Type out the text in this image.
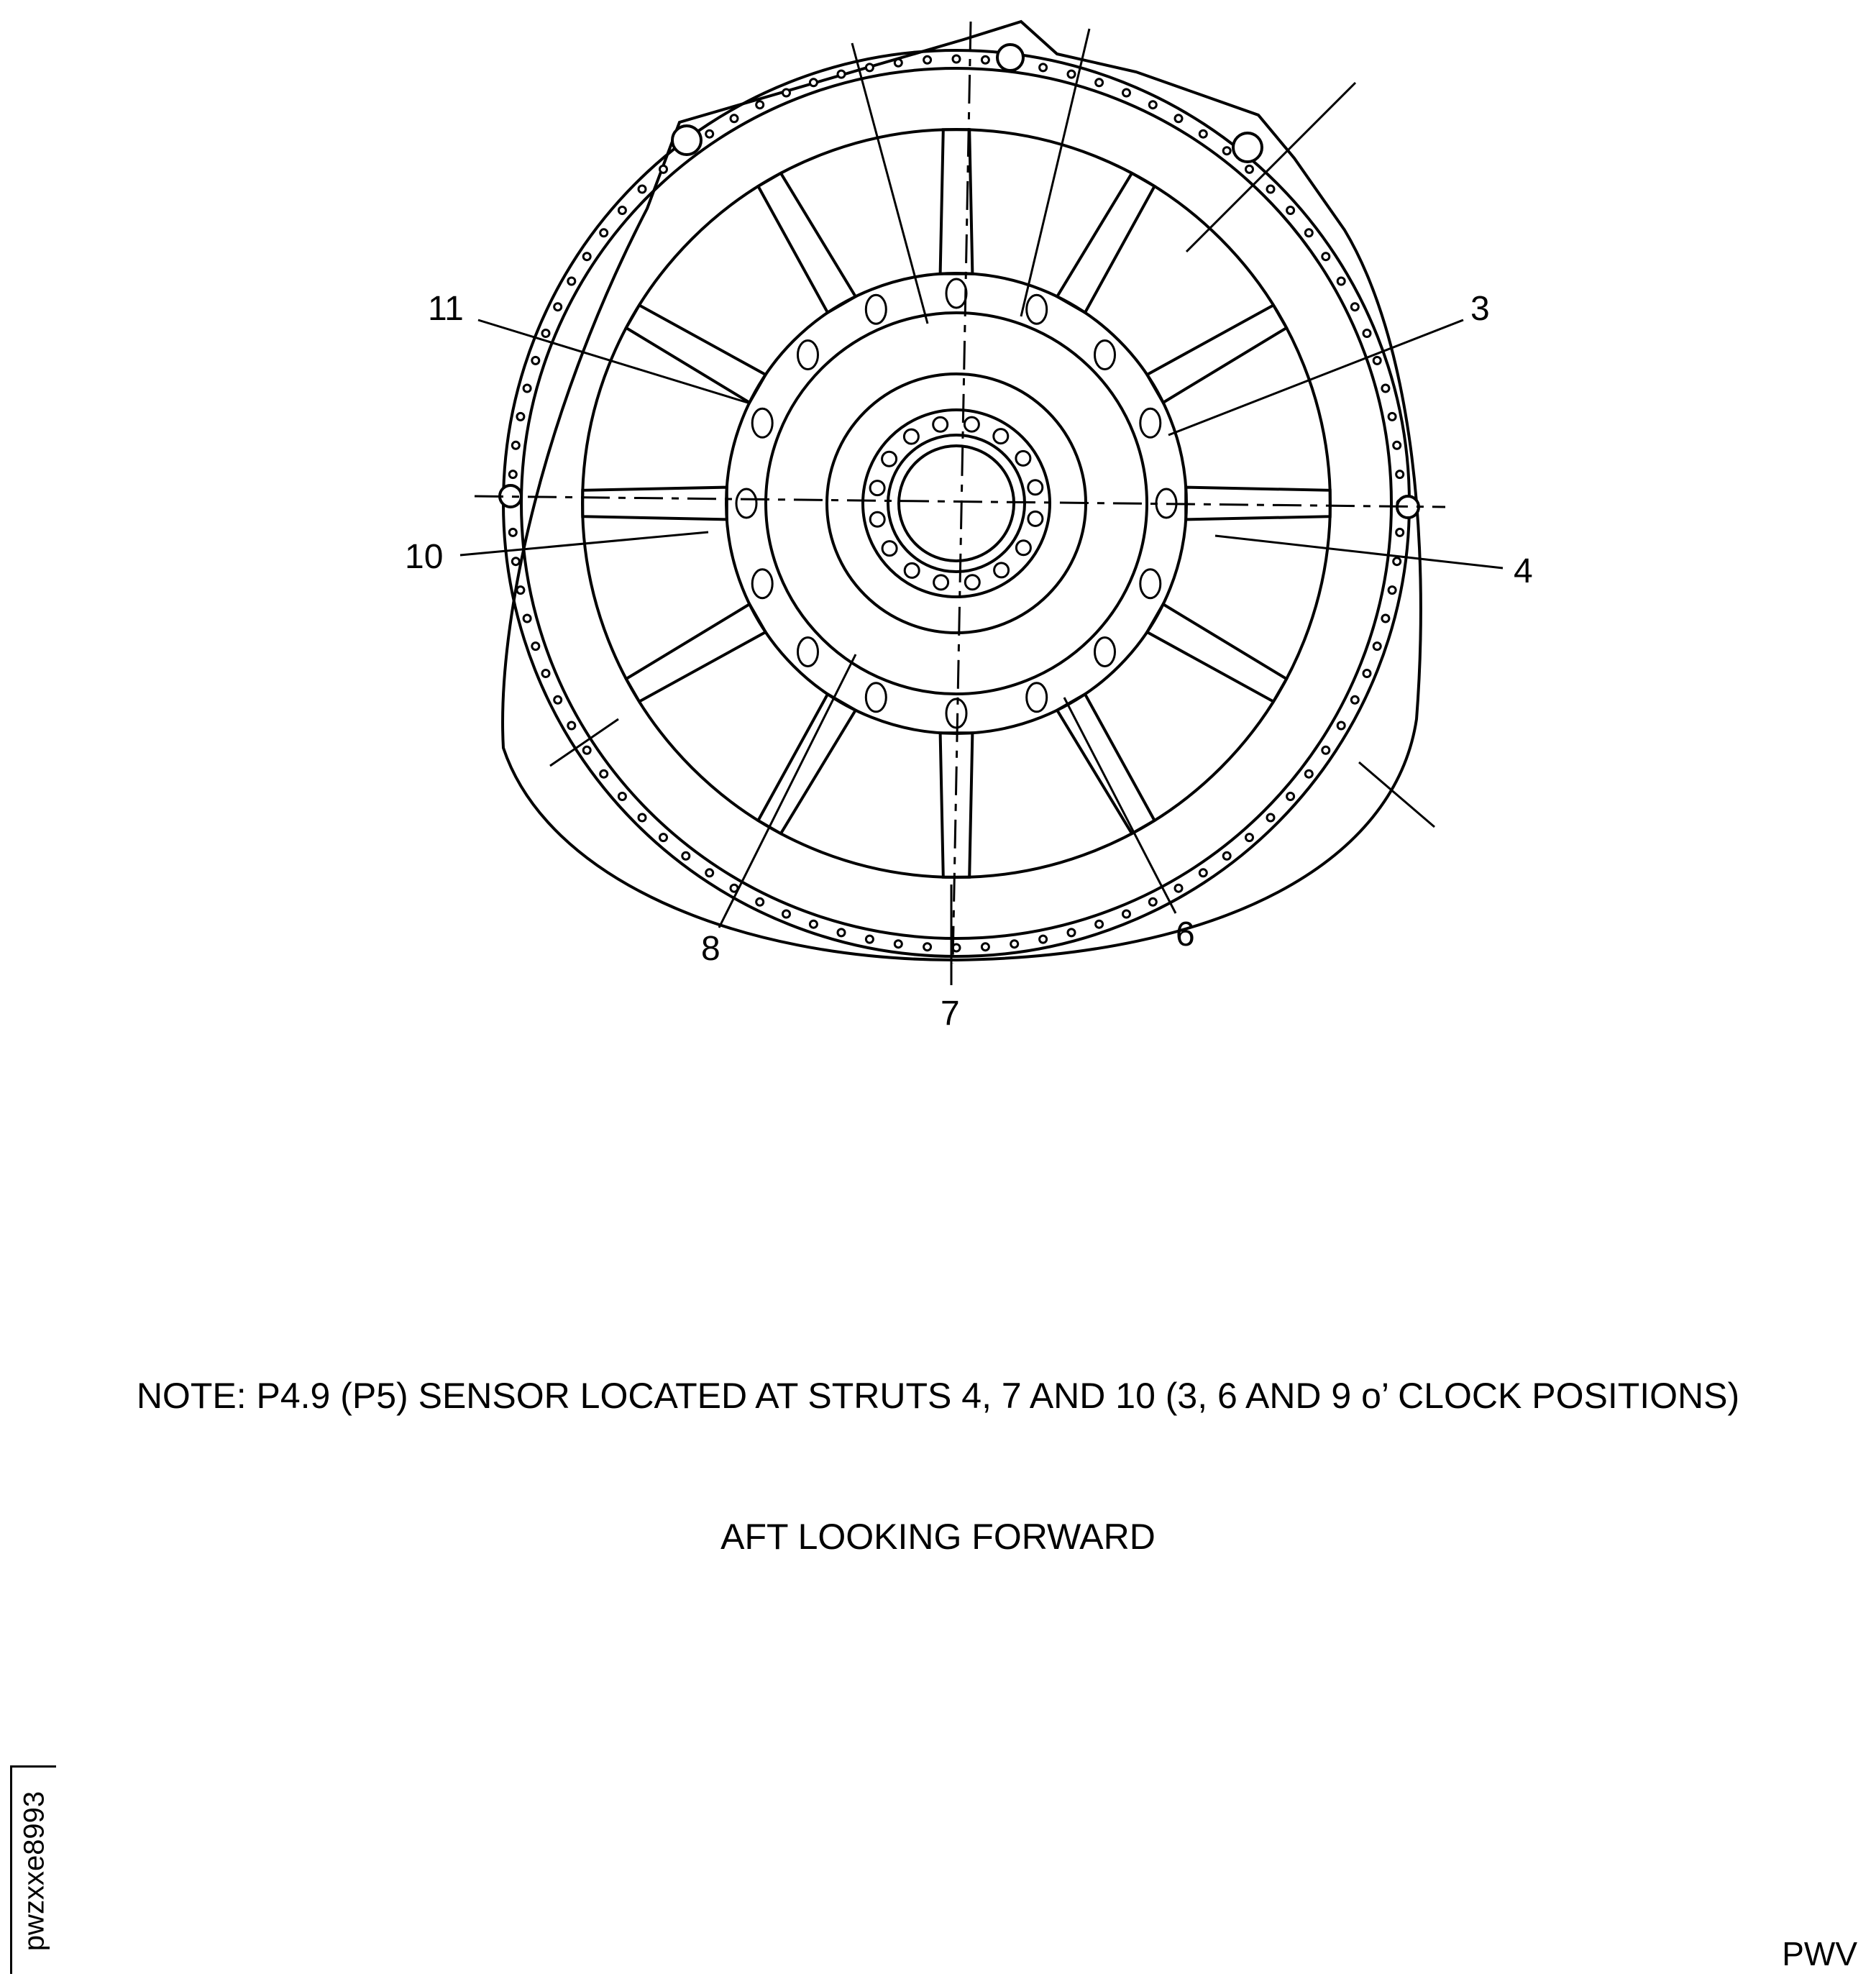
11	3
10	4
8	6
7
NOTE: P4.9 (P5) SENSOR LOCATED AT STRUTS 4, 7 AND 10 (3, 6 AND 9 o’ CLOCK POSITIONS)
AFT LOOKING FORWARD
pwzxxe8993
PWV
